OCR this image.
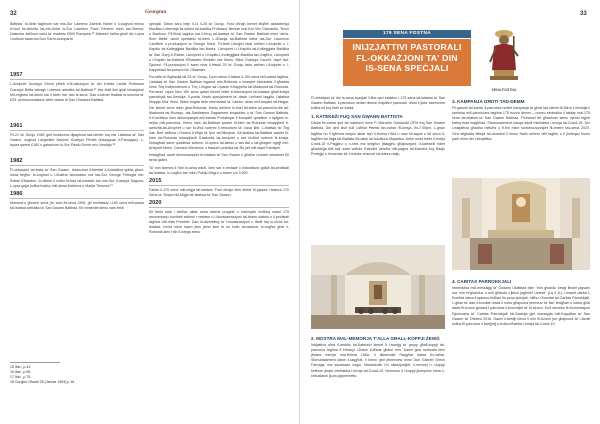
32	Georgian

Battista. Id-dinin taghhom sar mis-Sur Lawrenz Zammit Haber u s-soghod minnu b'mod fin-ftehida tal-mill-Artist is-Sur Lawrenz Pace Fenend minn tas-Sliema. Dakinhar kellhom valur ta' madwar £500 Ewropew.¹⁶ Mabeeh hafna ghall din l-opra l-indhum sacerdot Dun Karm Azzopardi.

1957

L-Arcipriet Guzeppi Grech jibteb il-fil-okkazjoni ta' din il-festa l-artist Professur Guzeppi Briffa sabagh l-istesse artistika tal-Battista.¹⁷ Iew festi ikel ghal inhabjaha! Mir-registru tal-ekklu sta li kiteb ma' dan is-sena. Dak il-kienet thallast is-somma ta' £25. permozzmatione delle statue di San Giovanni Battista.

1961

Fil-21 ta' Gunju 1961 giet imdanzna dijaqilona tad-deheb fuq ras l-istatwa ta' San Gwann, soghod l-argentier Nazzari Guzeppi Pirotta (imlaqquan il-Paruqqax). L-ispiza qamet £180 u gabarhom is-Sur Pawlu Grech mix-Xewkija.¹⁸

1982

Fl-okkazjoni tal-festa ta' San Gwann, iżżanzinet it-titerfarl il-Kristallina gdida għan-niċċa tiegħu. Is-soghod u l-illustrar tal-kwadru ma' tas-Sur George Ferrugia mir-Rabat Għawdex. Id-disinn li nsibu fil-bad tal-kristallo sar mis-Sur Guzeppi Sagona. L-opra gejja kollha thallsu mill-ahwa Katerina u Marija Theuma.¹⁹

1986

Mamma u għoxrin sena (ix, ċioè fis-sena 1995, għ mmfakkar l-150 sena mill-wasla tal-istatwa artistika ta' San Gwann Battista. Kif misteniet kienu saru festi

15 Ibid., p.41.
16 Ibid., p.65.
17 Ibid., p.75.
18 Gorgion Għadd 25 (Jannar 1963) p.16.

speċjali. Dawn saru bejn il-11 il-25 ta' Gunju. Fost oħrajn kienet iltiqħet akkademija Muzikko-Letterarja fis-sidien tal-bażilka Professur Ilemian mal-Kor Vox Clamantis, Tenur u Baritonu. Fil-ħinal taghha sar il-ħruq tal-istatwa ta' San Gwann Battista minn niċċa. Kien ittella' wkoll spettaklu bl-isem L-Għanja tal-Battista kitba tas-Sur Laurence Camilleri u produzzjoni ta George Mizzi. Fil-festi Liturġiċi fadu weħen l-Arcipriet u l-Kapitlu tal-Kollegġjata Bażilika tan-Nadur, l-Arcipriet u l-Kapitlu tal-Kollegġjata Bażilika ta' San Ġorġ Ir-Rabat, l-Arcipriet u l-Kapitlu-l-Kollegġjata Bazilika tax-Xagħra, l-Arcipriet u l-Kapitlu tal-Katidral tÓħawdex flimkien ma' Mons. Nikol Guzeppi Cauchi, Isqof tad-Djoċesi. Fil-purcissjoni li saret nhar il-Ħadd 25 ta' Gunju fadu weħen l-Arcipriet u l-Kappellani tal-parroċċi ta' Għawdex.

Fis-sitta ta' filghaxija tal-25 ta' Gunju, il-jum stess li fakkar il-150 sena mill-wasla tagħha, l-istatwa ta' San Gwann Battista ingarrot min-Rotunda u twasslet biċċarada li għadda minn Triq Indipendenza u Triq l-Imgarr sa l-Iparar il-Kappella tal-Madonna tal-Rotunda. Permezz l-spot biex 150 sena qabel kienet bdiet it-tranżizzjoni tal-istatwa għall-knisja parrokkjali tax-Xewkija. Il-posta Xewki speċjalment ta' dawk l-imħawi laqgħu l-istatwa Itriqqija b'ka' ħlieu. Wara boġda tista mechanisti ta' l-awtur, aktar mill-anzjani tal-Ħaġar. Din kienet xena minn għal-Rotunda. Madu wehem in-tinel fid-talba tal-parroċċa-dik tal-Madonna tar-Rużarju, tas-Santissimu Sagrament imqaddes u ta' San Gwann Battista. Ir-Kurċifissu kien akkumpanjat mill-banda Prolulunjar li kompliet quddiem u tqajjam is-sejha mill-parroċċa. Kienu idek tal-Battista waslet fil-bieb tar-Rotunda inkaqqħed fl-awtorità-tal-Arcipriet u sar id-dhul solenni li tessuhom ta' Lissa kbir. L-istatwa ta' Trig San Bert sellima l-Gwann b'riħgh ta' fjuri tal-ħitzujnal. Kif-istatwa tal-Battista waslet fil-bieb tar-Rotunda inkaqqħedt fl-awtorità tal-Arcipriet u sar id-dhul solenni fir-knisja. Imbagħad saret quddiesa solenni, bl-opera tal-istess u tan-tfal u tal-għaġeb nġejji mill-Arcipriet Mons. Carmelo Mercieca, u tfassal l-priedka tar-Ru jiet mill-Isqof Kamiljeri.

Imbagħad, saret dimostrazzjoni bl-istatwa ta' San Gwann li għalha l-ewwel intuatmet 50 sena qabel.

Ta' min isemmi li f'din is-sena wkoll, kien sar ir-restawr u indurattura gdida tal-pedistall tal-istatwa. Ix-xogħol sar minn Publju Magro u swew Lm 3,500.

2015

Faklar il-170 sena mill-miġja tal-istatwa. Fost oħrajn kien ittella' fil-pjazza l-festura 170 Sena ta' Storja mill-Miġja tal-Istatwa ta' San Gwann.

2020

Kif tkellt sala i sekħar aktar sena diversi progetti u mkemplin lmiftieq matul 175 anniversarju hoctheb ewlieni r restawr u l-kisviwarrazzjoni tal-istess statwa u il-pedistall taghha mill-ditta Presetel. Dan id-diversiteg ta' l-mowarazzjoni u tibdil fuq in-niċċa tal-istatwa. Imma minn hawn jistu jienu kien bi nu kollu tal-istatwa. Ix-xogħol għal il-Rotunda kien f'din il-barga xtess.

33
175 SENA FOSTNA
INIJZJATTIVI PASTORALI
FL-OKKAŻJONI TA' DIN
IS-SENA SPEĊJALI
SENA FOSTNA

Fl-okkażjoni ta' din is-sena speċjali li fiha qed infakkru l-175 sena tal-istatwa ta' San Gwann Battista, il-parroċċa nediet diversi inizjattivi pastorali, uħud li jista' ssemmew kollha kif fuq livell ta' karità.

1. KATEKEŻI FUQ SAN ĠWANN BATTISTA

Darba fix-xahar qed isir katekeżi minn P. Marcello Ghirlanda OFM fuq San Gwann Battista. Din qed issir kull l-aħħar Ħamis tax-xahar, fil-knisja, fis-7.00pm. L-ghan tagħha hu li tgħinna nesplu aktar lejn il-Kelma t'Alla u naw bil-aqwa u kif wkoll it-tagħlim tal-ħajja tal-Battista fid-dawl tal-Iskrittura Mqaddsa. Anke meta bdiet il-imxija Covid-19 il-Pagjaru u n-nies ma setgħux jitlaqgħu għajnizzjoni, il-katekeżi bdiet għaddejja billi ssir wara waħda f'nandini dirretta mill-paġna tal-Katedra fuq Radju Preleġju u tixxandar bil-Youtube channel tal-istess radju.

2. MOSTRA MAL-MEMORJA T'ALLA GĦALL-KOPPJI ŻEWĠ

Inizjattiva oħra fl-ambitu tal-Katekeżi kienet li l-sweġġ ta' grupp għall-koppji tal-parroċċa taghha li Hewejo l-Dawn b'aħbar għawr min. Dawn gew motivata biex jibdew miexja mal-Kelma t'Alla, li tikkonsisti f'laqgħat darba fix-xahar. Sfortunatament dawn il-laqgħat, li kienu qed jitmexxew minn Dun Gabriel Grech Farrugia, ma saxawasx xoglu. Madankollu f'xi okkażjonijiet, il-mexxej u l-koppji kellhom jieqfu minħabba l-imxija tal-Covid-19. Nemmnu li l-koppji jkomplew meta ċ-ċirkustanzi jkunu jippermettu.

3. KAMPANJA GĦOTI TAD-DEMM

Fil-qasam tal-karità, il-parroċċa nediet kampanja ta' għoti tad-demm fil-Birra t-Xewkija li saritnha mill-parroċċani taghha 175 bozza demm – numru simboliku li fakkar mal-175 sena tal-istatwa ta' San Gwann Battista. Fil-ewwel fitt għadhom kienu njemu tajjeb ħafna tista magħhad. Sfortunatament nasqa wkoll minħabba l-imxija tal-Covid-19. Din l-inizjattiva għadha miftuħa u fl-ħin minn kontribuzzjonijiet fit-tmiem tas-sena 2020. Ged sttghada titieqa tal-donaturi li ikunu ħadu sehem billi tagħtu u li jintieqsu ħums parti minn din l-inizjattiva.

4. CARITAS PARROKKJALI

Immeddha mill-messaġġ ta' Gwanni l-Battista biex "min għandu żewġ libsiet jaqsam ma' min m'għandux u min għandu x'jiekol jagħmel l-istess" (Lq 3,11), l-ewwel darba l-Kumitat stess li tqasmu-bidħan fis-sena speċjali, nifthu l-Kumitat tal-Caritas Parrokkjali. L-għan ta' dan il-kumitat huwa li nofru għajnuna permezz ta' fiat, lewg̃ħan u lobba għal dawk fil-bżonn ġewwa l-parroċċa il-bżonnijiet ta' fil-bżonn. Kull membru fil-Kummissjoni Djoċesana ta' 'Caritas Parrokkjali' tal-Xewkija ġiet imwaqqfa mill-Kappillan ta' San Gwann ta' Ottubru 2016. Dawn il-familji kienu li min fil-bżonn juri għajnuna ta' l-famili kollha fil-parroċċa li ħwejjeg̃ u-Kolloxnħabba l-imxija tal-Covid-19.
